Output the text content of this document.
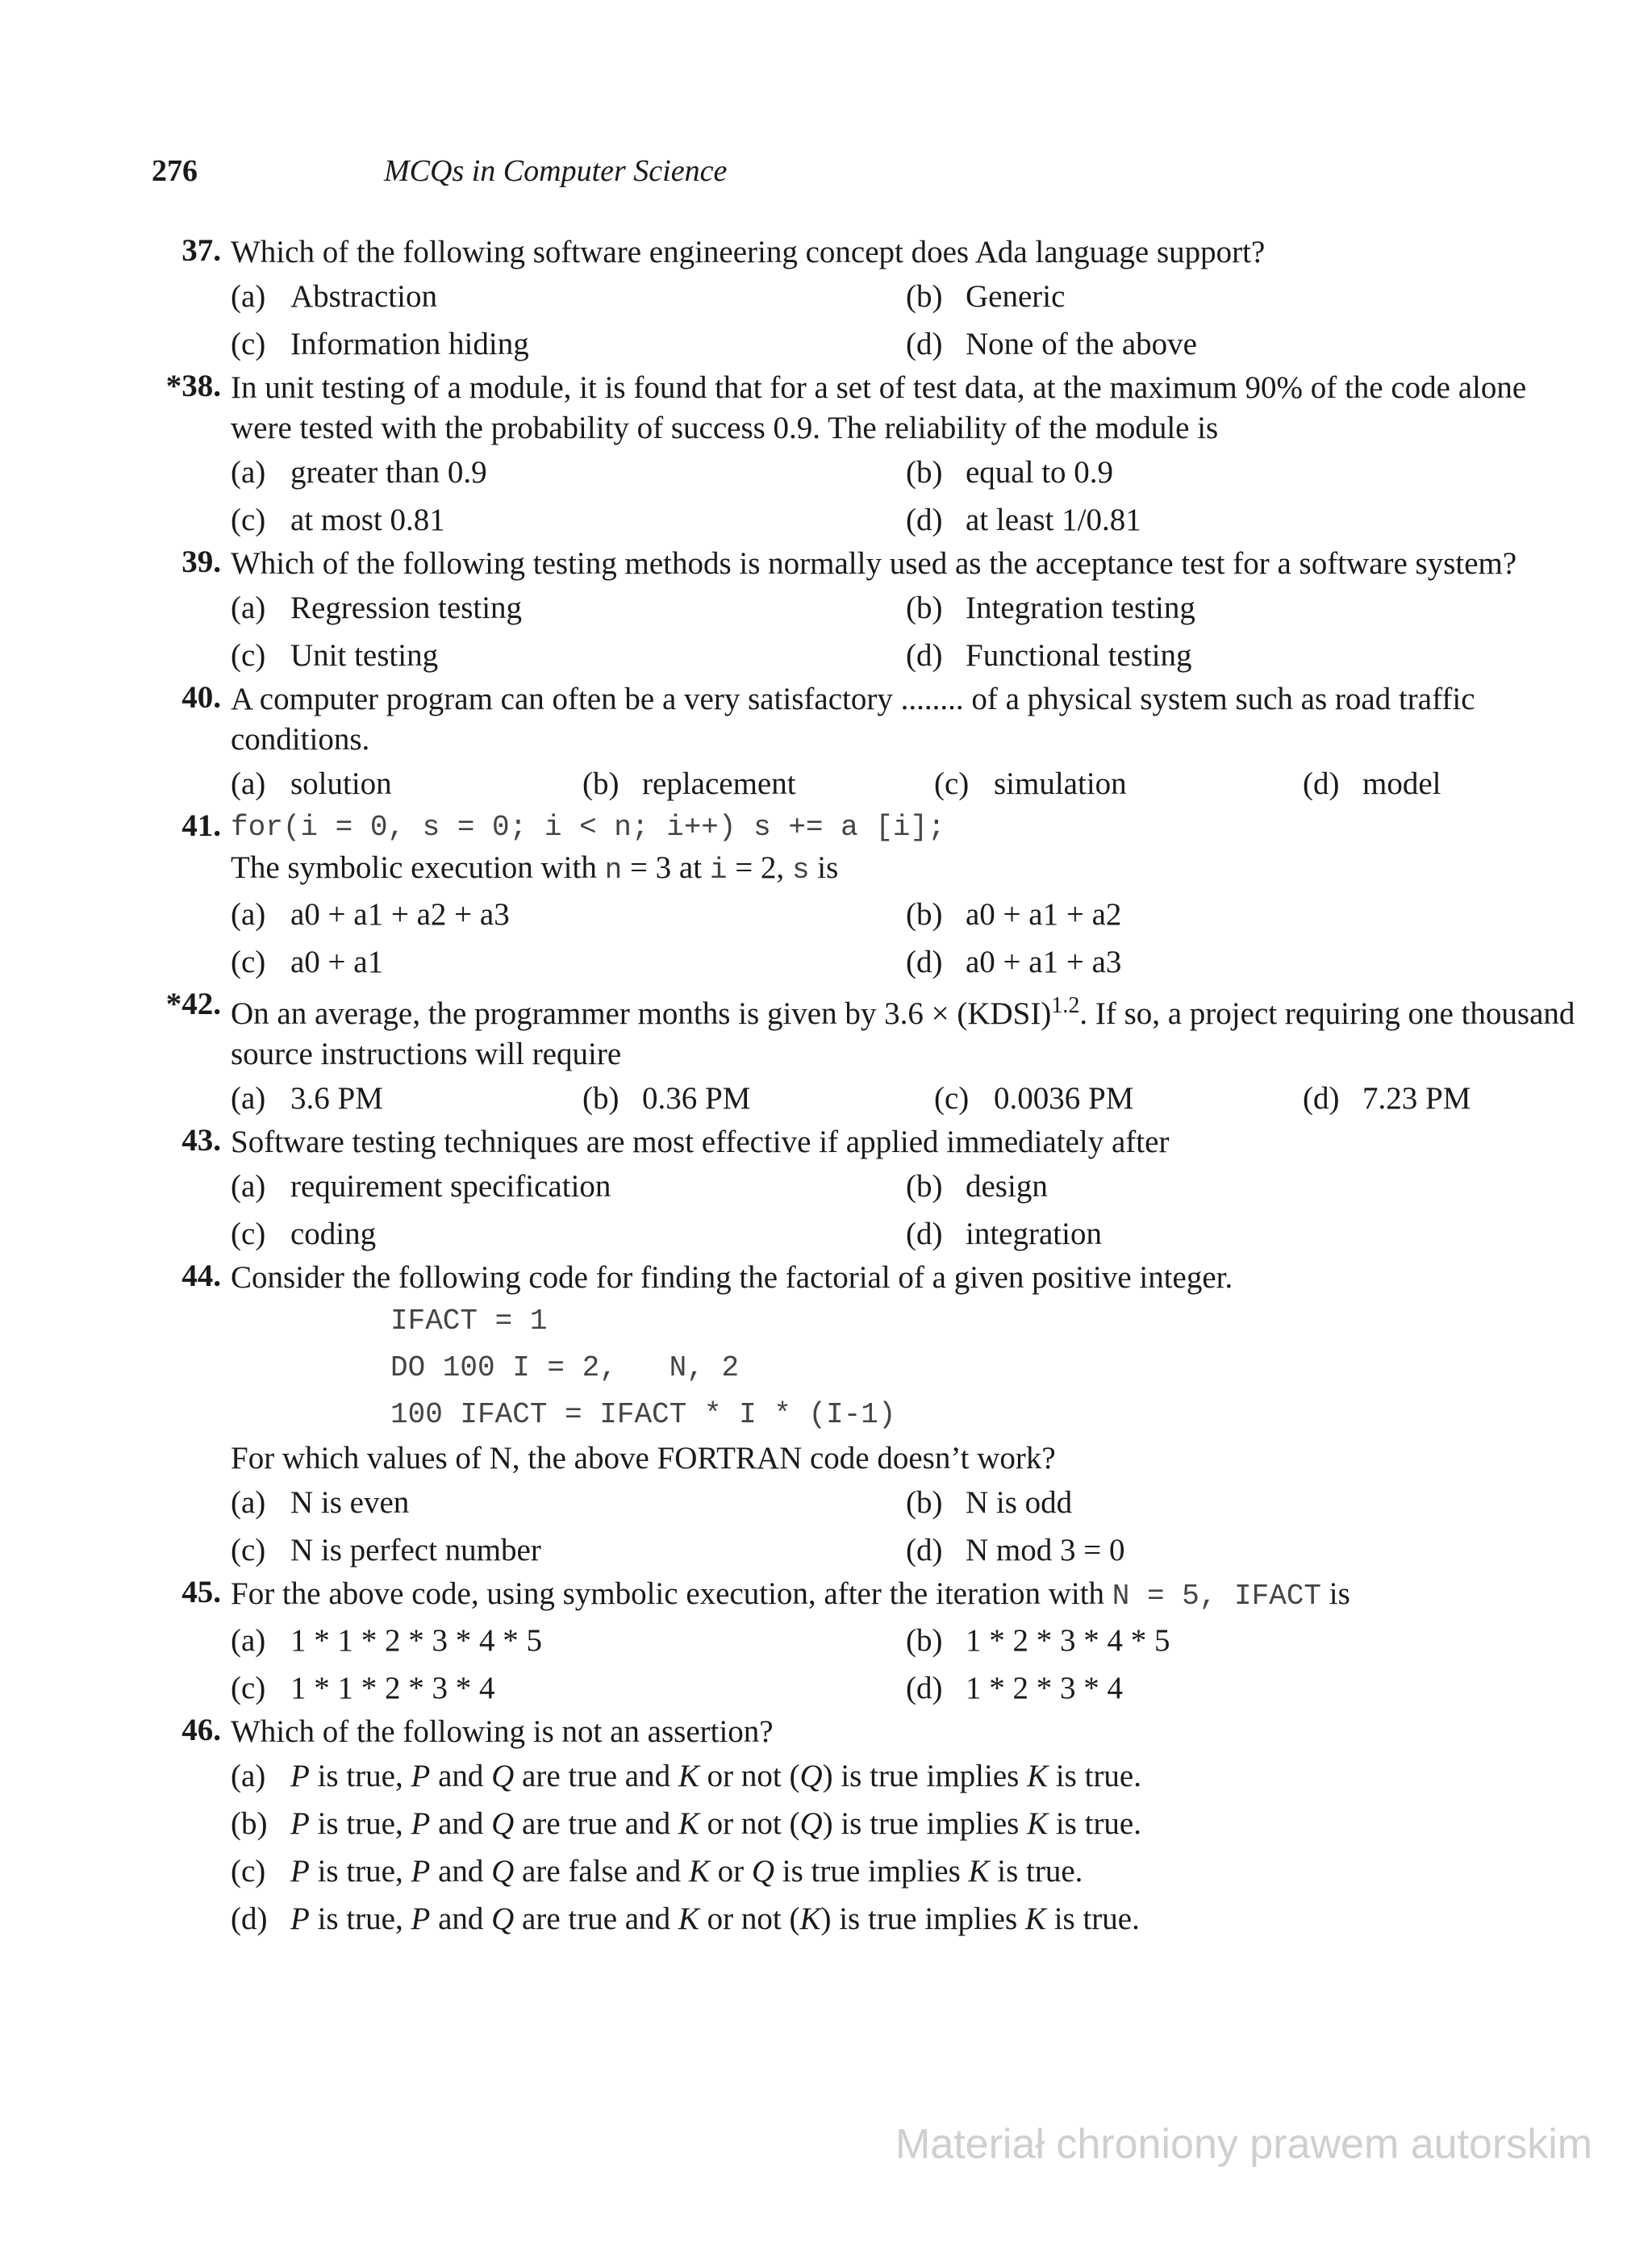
276	MCQs in Computer Science
37. Which of the following software engineering concept does Ada language support?
(a) Abstraction	(b) Generic
(c) Information hiding	(d) None of the above
*38. In unit testing of a module, it is found that for a set of test data, at the maximum 90% of the code alone were tested with the probability of success 0.9. The reliability of the module is
(a) greater than 0.9	(b) equal to 0.9
(c) at most 0.81	(d) at least 1/0.81
39. Which of the following testing methods is normally used as the acceptance test for a software system?
(a) Regression testing	(b) Integration testing
(c) Unit testing	(d) Functional testing
40. A computer program can often be a very satisfactory ........ of a physical system such as road traffic conditions.
(a) solution	(b) replacement	(c) simulation	(d) model
41. for(i = 0, s = 0; i < n; i++) s += a [i];
The symbolic execution with n = 3 at i = 2, s is
(a) a0 + a1 + a2 + a3	(b) a0 + a1 + a2
(c) a0 + a1	(d) a0 + a1 + a3
*42. On an average, the programmer months is given by 3.6 × (KDSI)$^{1.2}$. If so, a project requiring one thousand source instructions will require
(a) 3.6 PM	(b) 0.36 PM	(c) 0.0036 PM	(d) 7.23 PM
43. Software testing techniques are most effective if applied immediately after
(a) requirement specification	(b) design
(c) coding	(d) integration
44. Consider the following code for finding the factorial of a given positive integer.
IFACT = 1
DO 100 I = 2,   N, 2
100 IFACT = IFACT * I * (I-1)
For which values of N, the above FORTRAN code doesn’t work?
(a) N is even	(b) N is odd
(c) N is perfect number	(d) N mod 3 = 0
45. For the above code, using symbolic execution, after the iteration with N = 5, IFACT is
(a) 1 * 1 * 2 * 3 * 4 * 5	(b) 1 * 2 * 3 * 4 * 5
(c) 1 * 1 * 2 * 3 * 4	(d) 1 * 2 * 3 * 4
46. Which of the following is not an assertion?
(a) P is true, P and Q are true and K or not (Q) is true implies K is true.
(b) P is true, P and Q are true and K or not (Q) is true implies K is true.
(c) P is true, P and Q are false and K or Q is true implies K is true.
(d) P is true, P and Q are true and K or not (K) is true implies K is true.
Materiał chroniony prawem autorskim
